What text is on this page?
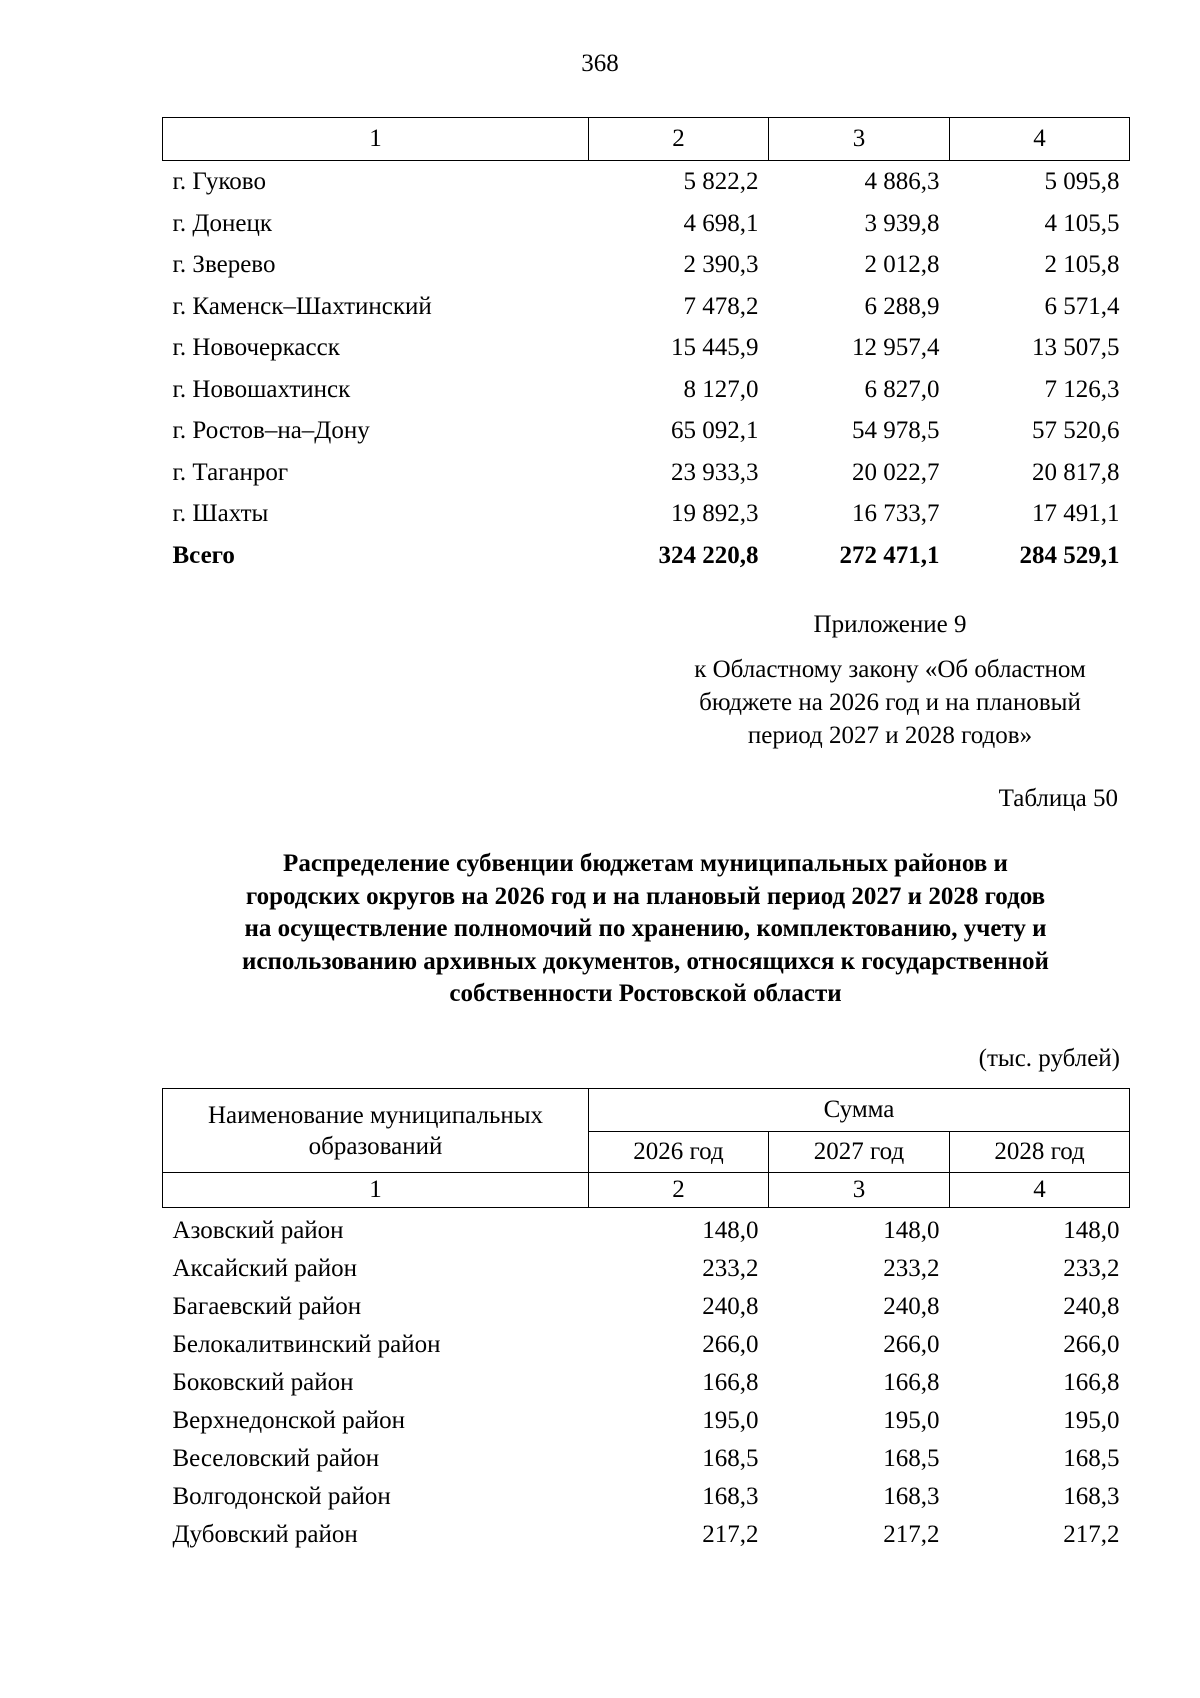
368
1	2	3	4
г. Гуково	5 822,2	4 886,3	5 095,8
г. Донецк	4 698,1	3 939,8	4 105,5
г. Зверево	2 390,3	2 012,8	2 105,8
г. Каменск–Шахтинский	7 478,2	6 288,9	6 571,4
г. Новочеркасск	15 445,9	12 957,4	13 507,5
г. Новошахтинск	8 127,0	6 827,0	7 126,3
г. Ростов–на–Дону	65 092,1	54 978,5	57 520,6
г. Таганрог	23 933,3	20 022,7	20 817,8
г. Шахты	19 892,3	16 733,7	17 491,1
Всего	324 220,8	272 471,1	284 529,1
Приложение 9
к Областному закону «Об областном
бюджете на 2026 год и на плановый
период 2027 и 2028 годов»
Таблица 50
Распределение субвенции бюджетам муниципальных районов и
городских округов на 2026 год и на плановый период 2027 и 2028 годов
на осуществление полномочий по хранению, комплектованию, учету и
использованию архивных документов, относящихся к государственной
собственности Ростовской области
(тыс. рублей)
Наименование муниципальных
образований	Сумма		
	2026 год	2027 год	2028 год
1	2	3	4
Азовский район	148,0	148,0	148,0
Аксайский район	233,2	233,2	233,2
Багаевский район	240,8	240,8	240,8
Белокалитвинский район	266,0	266,0	266,0
Боковский район	166,8	166,8	166,8
Верхнедонской район	195,0	195,0	195,0
Веселовский район	168,5	168,5	168,5
Волгодонской район	168,3	168,3	168,3
Дубовский район	217,2	217,2	217,2
